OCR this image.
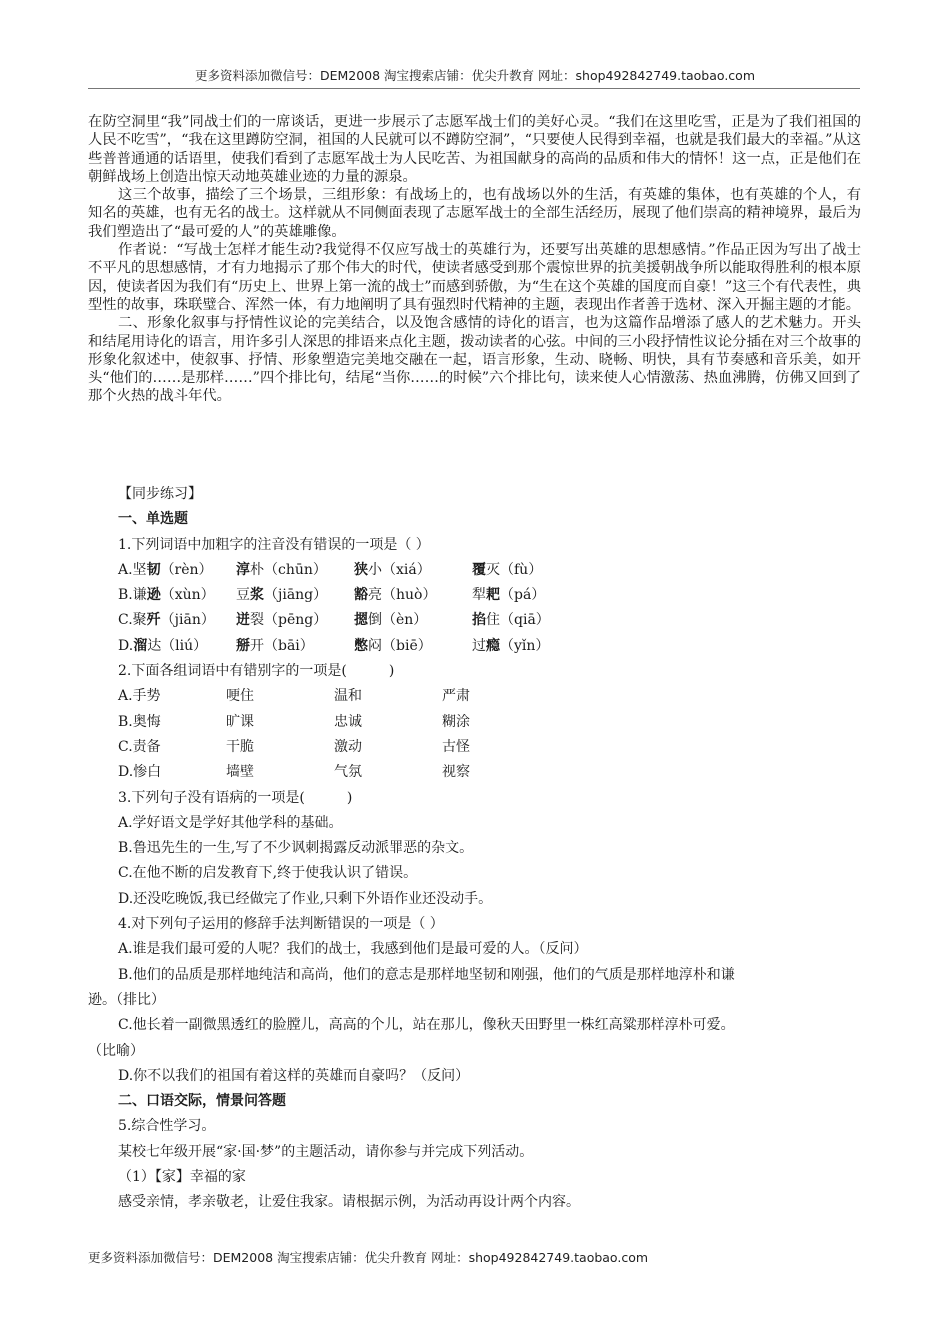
更多资料添加微信号：DEM2008 淘宝搜索店铺：优尖升教育 网址：shop492842749.taobao.com

在防空洞里“我”同战士们的一席谈话，更进一步展示了志愿军战士们的美好心灵。“我们在这里吃雪，正是为了我们祖国的人民不吃雪”，“我在这里蹲防空洞，祖国的人民就可以不蹲防空洞”，“只要使人民得到幸福，也就是我们最大的幸福。”从这些普普通通的话语里，使我们看到了志愿军战士为人民吃苦、为祖国献身的高尚的品质和伟大的情怀！这一点，正是他们在朝鲜战场上创造出惊天动地英雄业迹的力量的源泉。

这三个故事，描绘了三个场景，三组形象：有战场上的，也有战场以外的生活，有英雄的集体，也有英雄的个人，有知名的英雄，也有无名的战士。这样就从不同侧面表现了志愿军战士的全部生活经历，展现了他们崇高的精神境界，最后为我们塑造出了“最可爱的人”的英雄雕像。

作者说：“写战士怎样才能生动?我觉得不仅应写战士的英雄行为，还要写出英雄的思想感情。”作品正因为写出了战士不平凡的思想感情，才有力地揭示了那个伟大的时代，使读者感受到那个震惊世界的抗美援朝战争所以能取得胜利的根本原因，使读者因为我们有“历史上、世界上第一流的战士”而感到骄傲，为“生在这个英雄的国度而自豪！”这三个有代表性，典型性的故事，珠联璧合、浑然一体，有力地阐明了具有强烈时代精神的主题，表现出作者善于选材、深入开掘主题的才能。

二、形象化叙事与抒情性议论的完美结合，以及饱含感情的诗化的语言，也为这篇作品增添了感人的艺术魅力。开头和结尾用诗化的语言，用许多引人深思的排语来点化主题，拨动读者的心弦。中间的三小段抒情性议论分插在对三个故事的形象化叙述中，使叙事、抒情、形象塑造完美地交融在一起，语言形象，生动、晓畅、明快，具有节奏感和音乐美，如开头“他们的……是那样……”四个排比句，结尾“当你……的时候”六个排比句，读来使人心情激荡、热血沸腾，仿佛又回到了那个火热的战斗年代。

【同步练习】
一、单选题
1.下列词语中加粗字的注音没有错误的一项是（ ）
A.坚韧（rèn） 淳朴（chūn） 狭小（xiá）	覆灭（fù）
B.谦逊（xùn） 豆浆（jiāng） 豁亮（huò）	犁耙（pá）
C.聚歼（jiān） 迸裂（pēng） 摁倒（èn）	掐住（qiā）
D.溜达（liú） 掰开（bāi）	憋闷（biē）	过瘾（yǐn）
2.下面各组词语中有错别字的一项是(　　　)
A.手势	哽住	温和	严肃
B.奥悔	旷课	忠诚	糊涂
C.责备	干脆	激动	古怪
D.惨白	墙壁	气氛	视察
3.下列句子没有语病的一项是(　　　)
A.学好语文是学好其他学科的基础。
B.鲁迅先生的一生,写了不少讽刺揭露反动派罪恶的杂文。
C.在他不断的启发教育下,终于使我认识了错误。
D.还没吃晚饭,我已经做完了作业,只剩下外语作业还没动手。
4.对下列句子运用的修辞手法判断错误的一项是（ ）
A.谁是我们最可爱的人呢？我们的战士，我感到他们是最可爱的人。（反问）
B.他们的品质是那样地纯洁和高尚，他们的意志是那样地坚韧和刚强，他们的气质是那样地淳朴和谦
逊。（排比）
C.他长着一副微黑透红的脸膛儿，高高的个儿，站在那儿，像秋天田野里一株红高粱那样淳朴可爱。
（比喻）
D.你不以我们的祖国有着这样的英雄而自豪吗？（反问）
二、口语交际，情景问答题
5.综合性学习。
某校七年级开展“家·国·梦”的主题活动，请你参与并完成下列活动。
（1）【家】幸福的家
感受亲情，孝亲敬老，让爱住我家。请根据示例，为活动再设计两个内容。
更多资料添加微信号：DEM2008 淘宝搜索店铺：优尖升教育 网址：shop492842749.taobao.com
